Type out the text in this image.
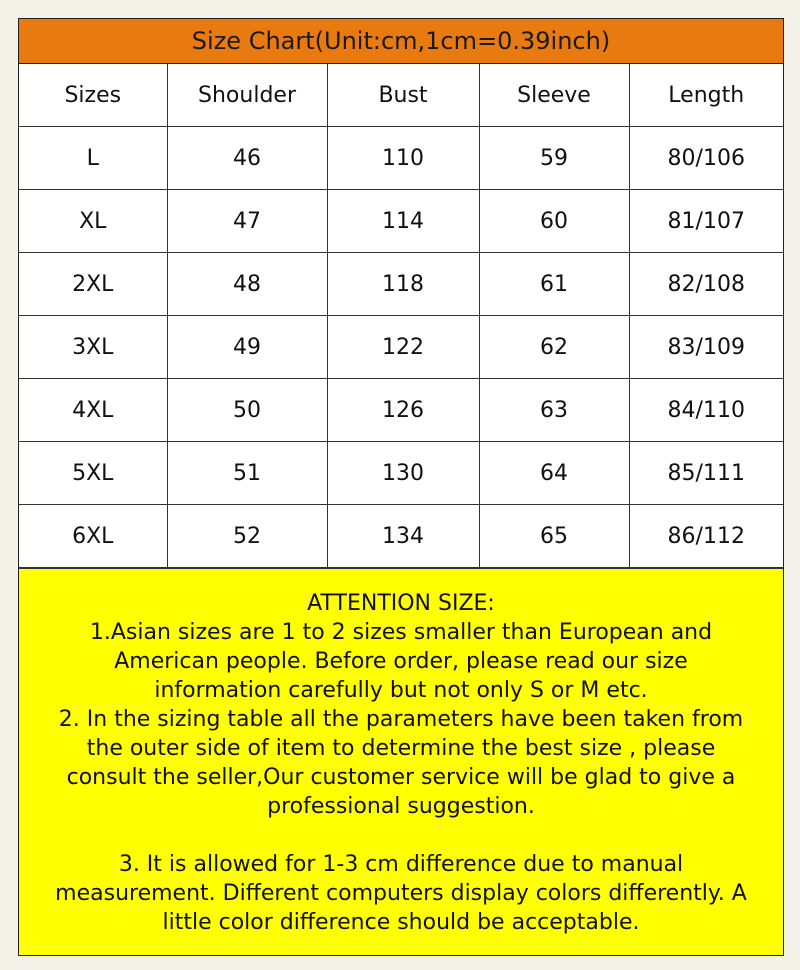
Size Chart(Unit:cm,1cm=0.39inch)
Sizes	Shoulder	Bust	Sleeve	Length
L	46	110	59	80/106
XL	47	114	60	81/107
2XL	48	118	61	82/108
3XL	49	122	62	83/109
4XL	50	126	63	84/110
5XL	51	130	64	85/111
6XL	52	134	65	86/112

ATTENTION SIZE:

1.Asian sizes are 1 to 2 sizes smaller than European and

American people. Before order, please read our size

information carefully but not only S or M etc.

2. In the sizing table all the parameters have been taken from

the outer side of item to determine the best size , please

consult the seller,Our customer service will be glad to give a

professional suggestion.

3. It is allowed for 1-3 cm difference due to manual

measurement. Different computers display colors differently. A

little color difference should be acceptable.
